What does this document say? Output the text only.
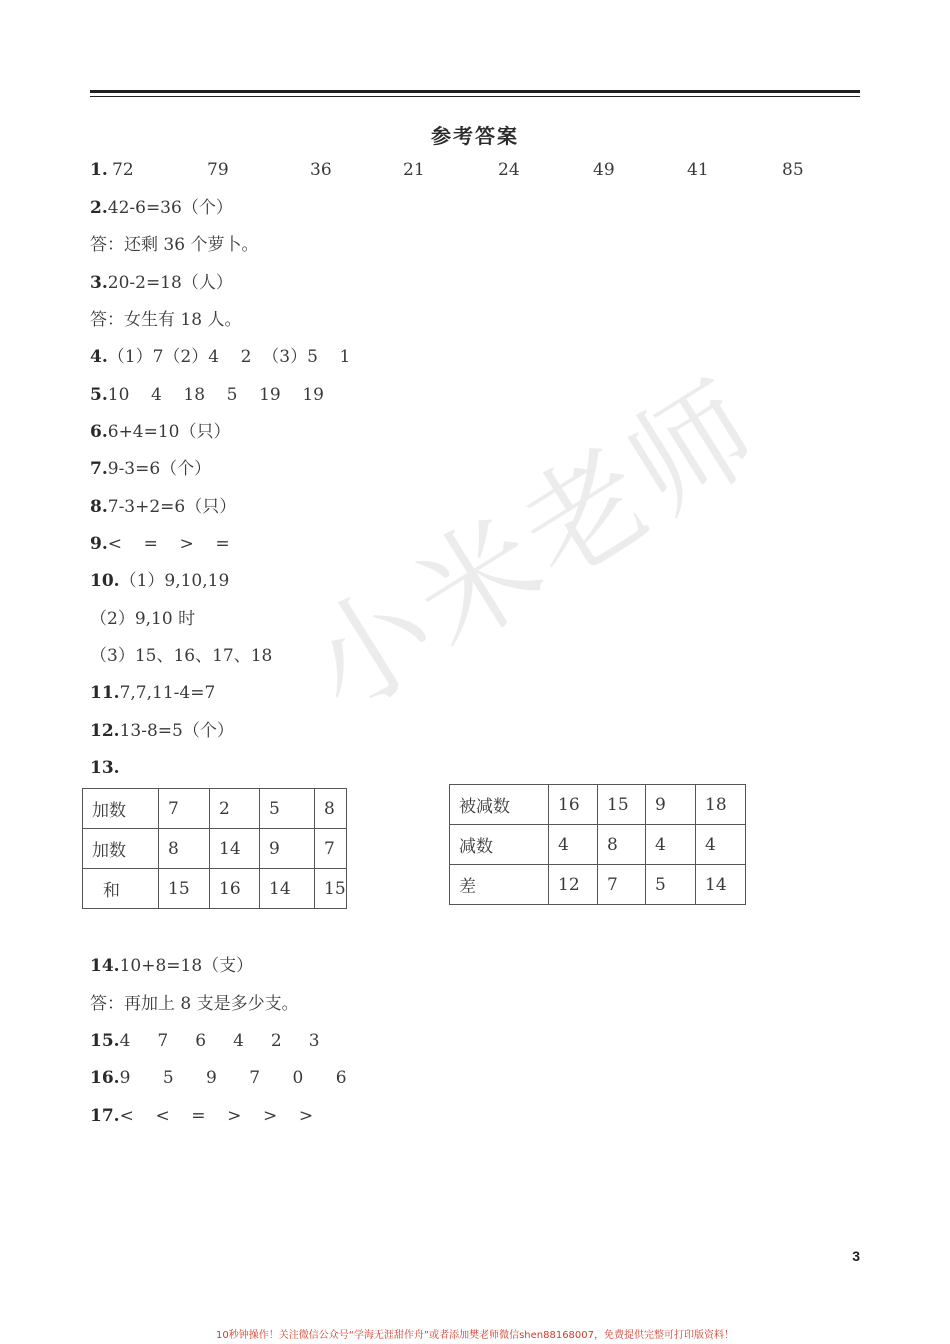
小米老师
参考答案
1. 72	79	36	21	24	49	41	85
2.42-6=36（个）
答：还剩 36 个萝卜。
3.20-2=18（人）
答：女生有 18 人。
4.（1）7（2）4    2  （3）5    1
5.10    4    18    5    19    19
6.6+4=10（只）
7.9-3=6（个）
8.7-3+2=6（只）
9.<    =    >    =
10.（1）9,10,19
（2）9,10 时
（3）15、16、17、18
11.7,7,11-4=7
12.13-8=5（个）
13.
加数	7	2	5	8
加数	8	14	9	7
和	15	16	14	15
被减数	16	15	9	18
减数	4	8	4	4
差	12	7	5	14
14.10+8=18（支）
答：再加上 8 支是多少支。
15.4     7     6     4     2     3
16.9      5      9      7      0      6
17.<    <    =    >    >    >
3
10秒钟操作！关注微信公众号“学海无涯甜作舟”或者添加樊老师微信shen88168007，免费提供完整可打印版资料！
